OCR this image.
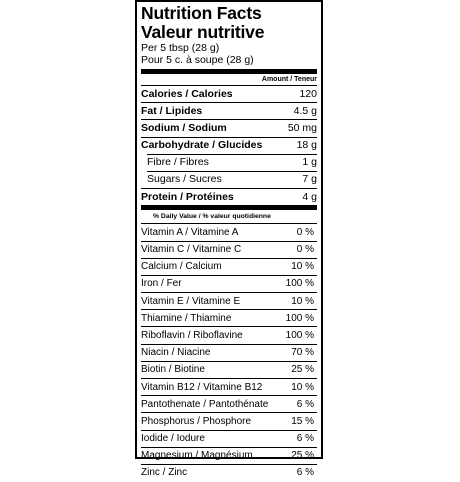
Nutrition Facts
Valeur nutritive
Per 5 tbsp (28 g)
Pour 5 c. à soupe (28 g)
Amount / Teneur
Calories / Calories	120
Fat / Lipides	4.5 g
Sodium / Sodium	50 mg
Carbohydrate / Glucides	18 g
Fibre / Fibres	1 g
Sugars / Sucres	7 g
Protein / Protéines	4 g
% Daily Value / % valeur quotidienne
Vitamin A / Vitamine A	0 %
Vitamin C / Vitamine C	0 %
Calcium / Calcium	10 %
Iron / Fer	100 %
Vitamin E / Vitamine E	10 %
Thiamine / Thiamine	100 %
Riboflavin / Riboflavine	100 %
Niacin / Niacine	70 %
Biotin / Biotine	25 %
Vitamin B12 / Vitamine B12	10 %
Pantothenate / Pantothénate	6 %
Phosphorus / Phosphore	15 %
Iodide / Iodure	6 %
Magnesium / Magnésium	25 %
Zinc / Zinc	6 %
